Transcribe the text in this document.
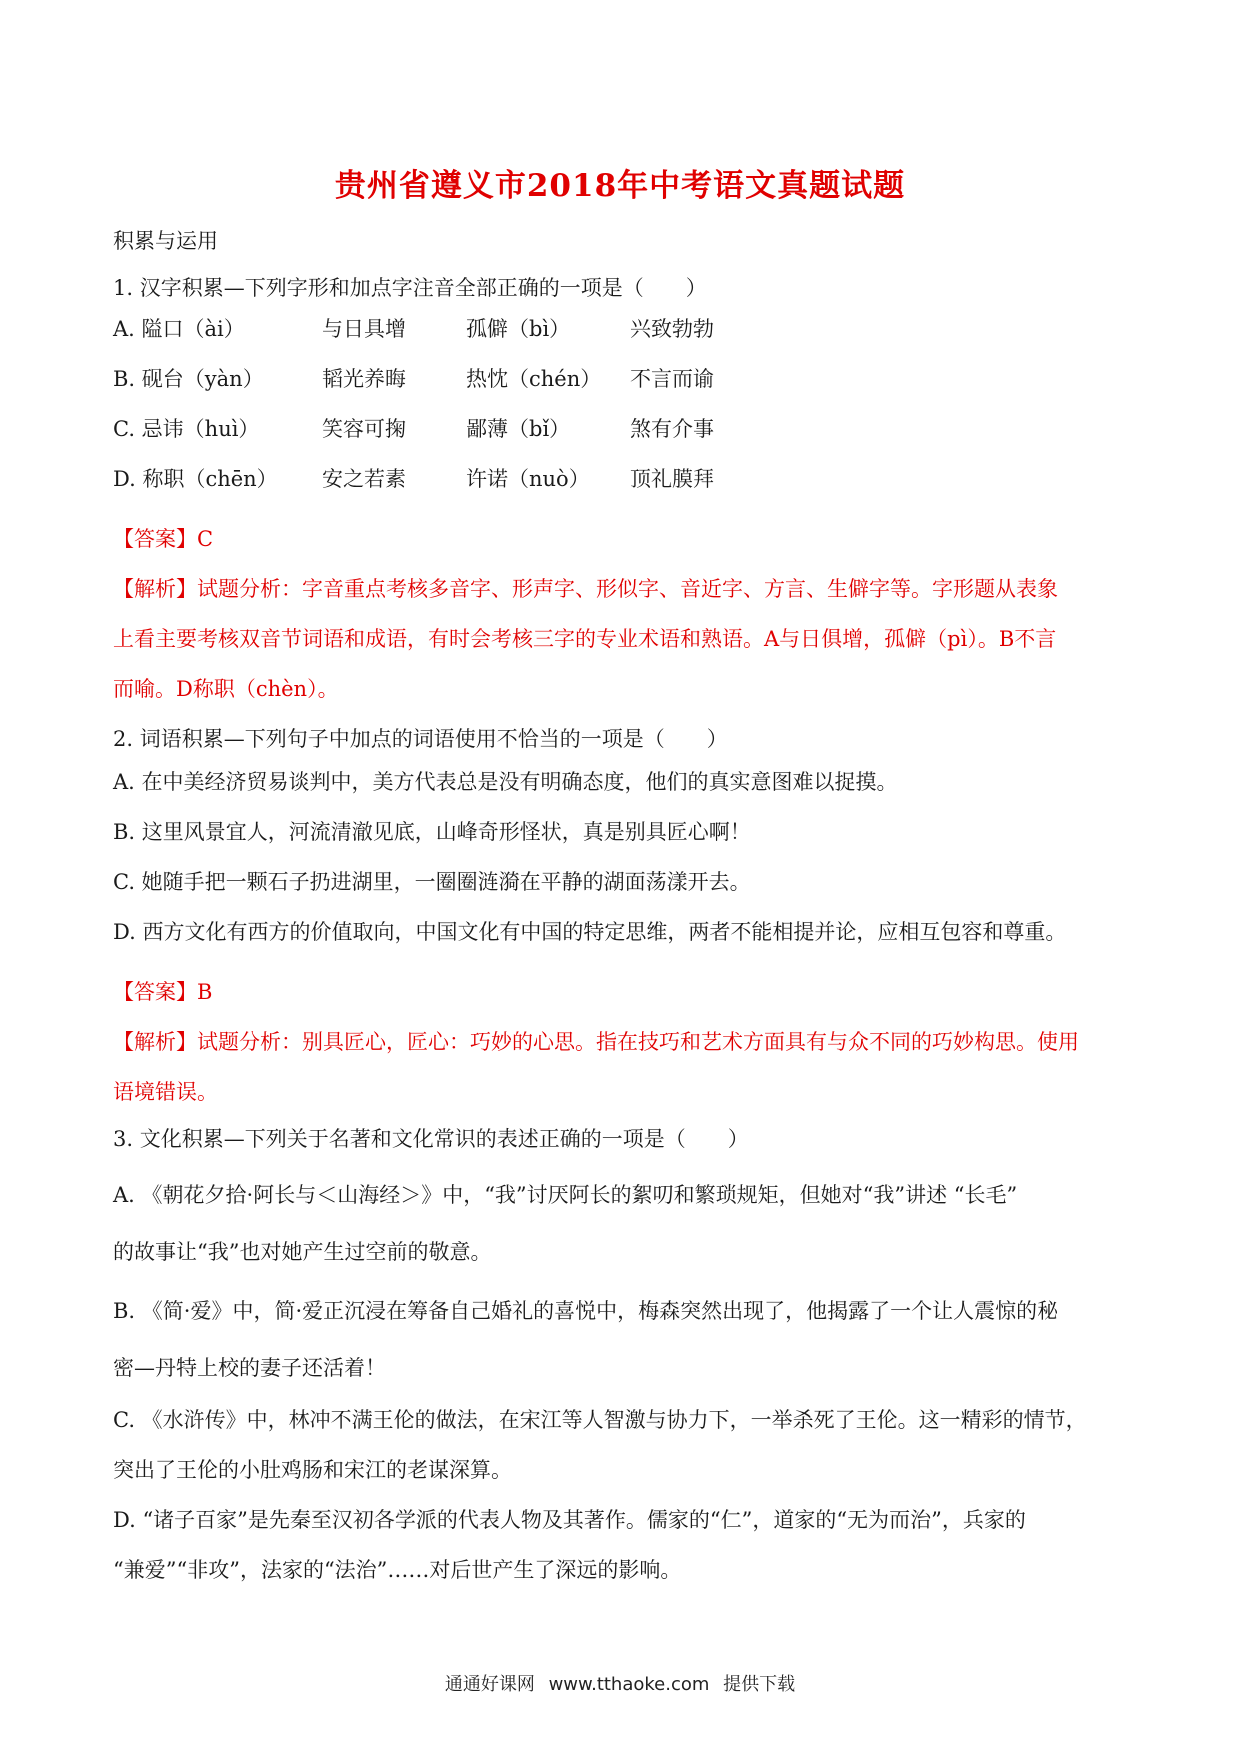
贵州省遵义市2018年中考语文真题试题
积累与运用
1. 汉字积累—下列字形和加点字注音全部正确的一项是（　　）
A. 隘口（ài）	与日具增	孤僻（bì）	兴致勃勃
B. 砚台（yàn）	韬光养晦	热忱（chén） 不言而谕
C. 忌讳（huì）	笑容可掬	鄙薄（bǐ）	煞有介事
D. 称职（chēn） 安之若素	许诺（nuò） 顶礼膜拜
【答案】C
【解析】试题分析：字音重点考核多音字、形声字、形似字、音近字、方言、生僻字等。字形题从表象
上看主要考核双音节词语和成语，有时会考核三字的专业术语和熟语。A与日俱增，孤僻（pì）。B不言
而喻。D称职（chèn）。
2. 词语积累—下列句子中加点的词语使用不恰当的一项是（　　）
A. 在中美经济贸易谈判中，美方代表总是没有明确态度，他们的真实意图难以捉摸。
B. 这里风景宜人，河流清澈见底，山峰奇形怪状，真是别具匠心啊！
C. 她随手把一颗石子扔进湖里，一圈圈涟漪在平静的湖面荡漾开去。
D. 西方文化有西方的价值取向，中国文化有中国的特定思维，两者不能相提并论，应相互包容和尊重。
【答案】B
【解析】试题分析：别具匠心，匠心：巧妙的心思。指在技巧和艺术方面具有与众不同的巧妙构思。使用
语境错误。
3. 文化积累—下列关于名著和文化常识的表述正确的一项是（　　）
A. 《朝花夕拾·阿长与＜山海经＞》中，“我”讨厌阿长的絮叨和繁琐规矩，但她对“我”讲述 “长毛”
的故事让“我”也对她产生过空前的敬意。
B. 《简·爱》中，简·爱正沉浸在筹备自己婚礼的喜悦中，梅森突然出现了，他揭露了一个让人震惊的秘
密—丹特上校的妻子还活着！
C. 《水浒传》中，林冲不满王伦的做法，在宋江等人智激与协力下，一举杀死了王伦。这一精彩的情节，
突出了王伦的小肚鸡肠和宋江的老谋深算。
D. “诸子百家”是先秦至汉初各学派的代表人物及其著作。儒家的“仁”，道家的“无为而治”，兵家的
“兼爱”“非攻”，法家的“法治”……对后世产生了深远的影响。
通通好课网 www.tthaoke.com 提供下载
